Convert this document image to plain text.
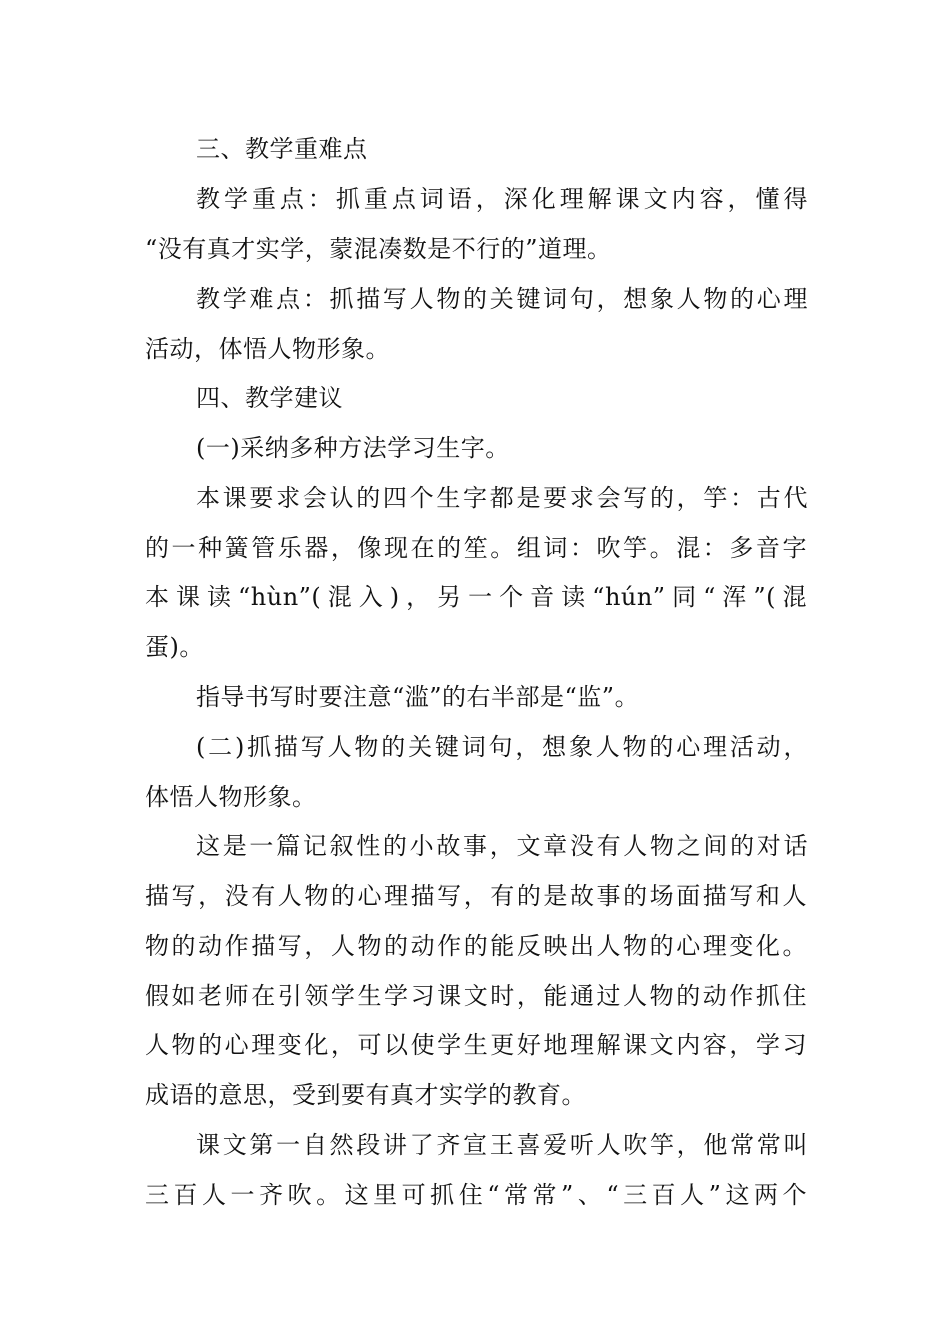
三、教学重难点
教学重点：抓重点词语，深化理解课文内容，懂得
“没有真才实学，蒙混凑数是不行的”道理。
教学难点：抓描写人物的关键词句，想象人物的心理
活动，体悟人物形象。
四、教学建议
(一)采纳多种方法学习生字。
本课要求会认的四个生字都是要求会写的，竽：古代
的一种簧管乐器，像现在的笙。组词：吹竽。混：多音字
本课读“hùn”(混入)，另一个音读“hún”同“浑”(混
蛋)。
指导书写时要注意“滥”的右半部是“监”。
(二)抓描写人物的关键词句，想象人物的心理活动，
体悟人物形象。
这是一篇记叙性的小故事，文章没有人物之间的对话
描写，没有人物的心理描写，有的是故事的场面描写和人
物的动作描写，人物的动作的能反映出人物的心理变化。
假如老师在引领学生学习课文时，能通过人物的动作抓住
人物的心理变化，可以使学生更好地理解课文内容，学习
成语的意思，受到要有真才实学的教育。
课文第一自然段讲了齐宣王喜爱听人吹竽，他常常叫
三百人一齐吹。这里可抓住“常常”、“三百人”这两个
